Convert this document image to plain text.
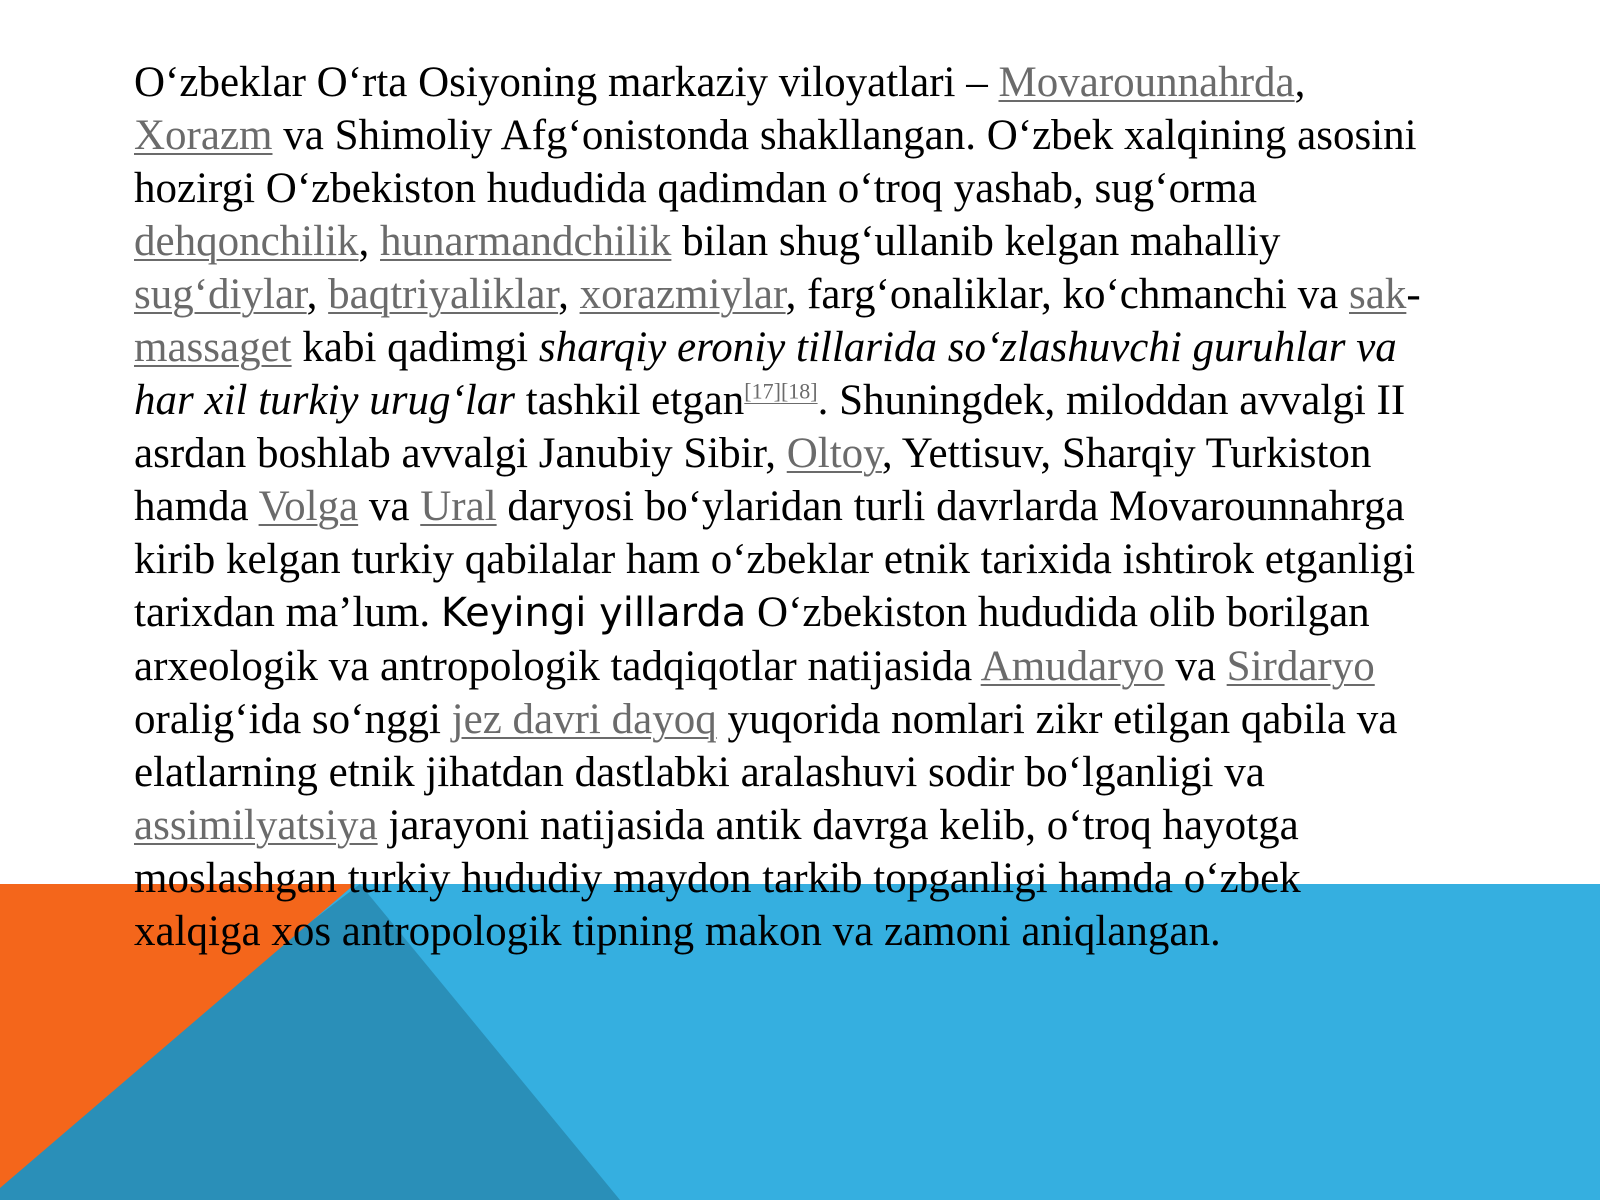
O‘zbeklar O‘rta Osiyoning markaziy viloyatlari – Movarounnahrda, Xorazm va Shimoliy Afg‘onistonda shakllangan. O‘zbek xalqining asosini hozirgi O‘zbekiston hududida qadimdan o‘troq yashab, sug‘orma dehqonchilik, hunarmandchilik bilan shug‘ullanib kelgan mahalliy sug‘diylar, baqtriyaliklar, xorazmiylar, farg‘onaliklar, ko‘chmanchi va sak-massaget kabi qadimgi sharqiy eroniy tillarida so‘zlashuvchi guruhlar va har xil turkiy urug‘lar tashkil etgan[17][18]. Shuningdek, miloddan avvalgi II asrdan boshlab avvalgi Janubiy Sibir, Oltoy, Yettisuv, Sharqiy Turkiston hamda Volga va Ural daryosi bo‘ylaridan turli davrlarda Movarounnahrga kirib kelgan turkiy qabilalar ham o‘zbeklar etnik tarixida ishtirok etganligi tarixdan ma’lum. Keyingi yillarda O‘zbekiston hududida olib borilgan arxeologik va antropologik tadqiqotlar natijasida Amudaryo va Sirdaryo oralig‘ida so‘nggi jez davri dayoq yuqorida nomlari zikr etilgan qabila va elatlarning etnik jihatdan dastlabki aralashuvi sodir bo‘lganligi va assimilyatsiya jarayoni natijasida antik davrga kelib, o‘troq hayotga moslashgan turkiy hududiy maydon tarkib topganligi hamda o‘zbek xalqiga xos antropologik tipning makon va zamoni aniqlangan.
